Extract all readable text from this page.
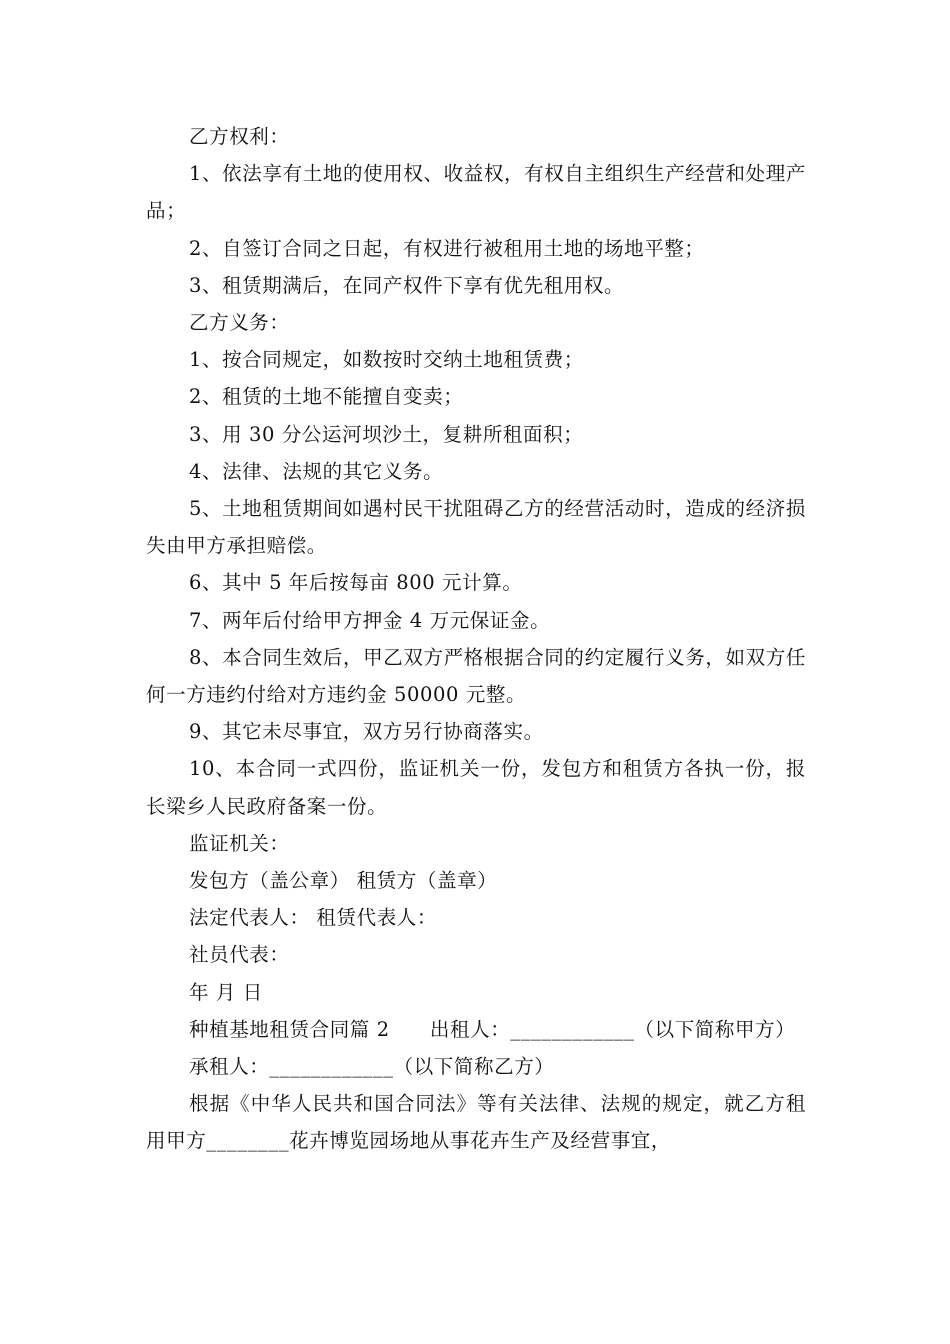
乙方权利：

1、依法享有土地的使用权、收益权，有权自主组织生产经营和处理产品；

2、自签订合同之日起，有权进行被租用土地的场地平整；

3、租赁期满后，在同产权件下享有优先租用权。

乙方义务：

1、按合同规定，如数按时交纳土地租赁费；

2、租赁的土地不能擅自变卖；

3、用 30 分公运河坝沙土，复耕所租面积；

4、法律、法规的其它义务。

5、土地租赁期间如遇村民干扰阻碍乙方的经营活动时，造成的经济损失由甲方承担赔偿。

6、其中 5 年后按每亩 800 元计算。

7、两年后付给甲方押金 4 万元保证金。

8、本合同生效后，甲乙双方严格根据合同的约定履行义务，如双方任何一方违约付给对方违约金 50000 元整。

9、其它未尽事宜，双方另行协商落实。

10、本合同一式四份，监证机关一份，发包方和租赁方各执一份，报长梁乡人民政府备案一份。

监证机关：

发包方（盖公章） 租赁方（盖章）

法定代表人： 租赁代表人：

社员代表：

年 月 日

种植基地租赁合同篇 2　　出租人：____________（以下简称甲方）

承租人：____________（以下简称乙方）

根据《中华人民共和国合同法》等有关法律、法规的规定，就乙方租用甲方________花卉博览园场地从事花卉生产及经营事宜，
